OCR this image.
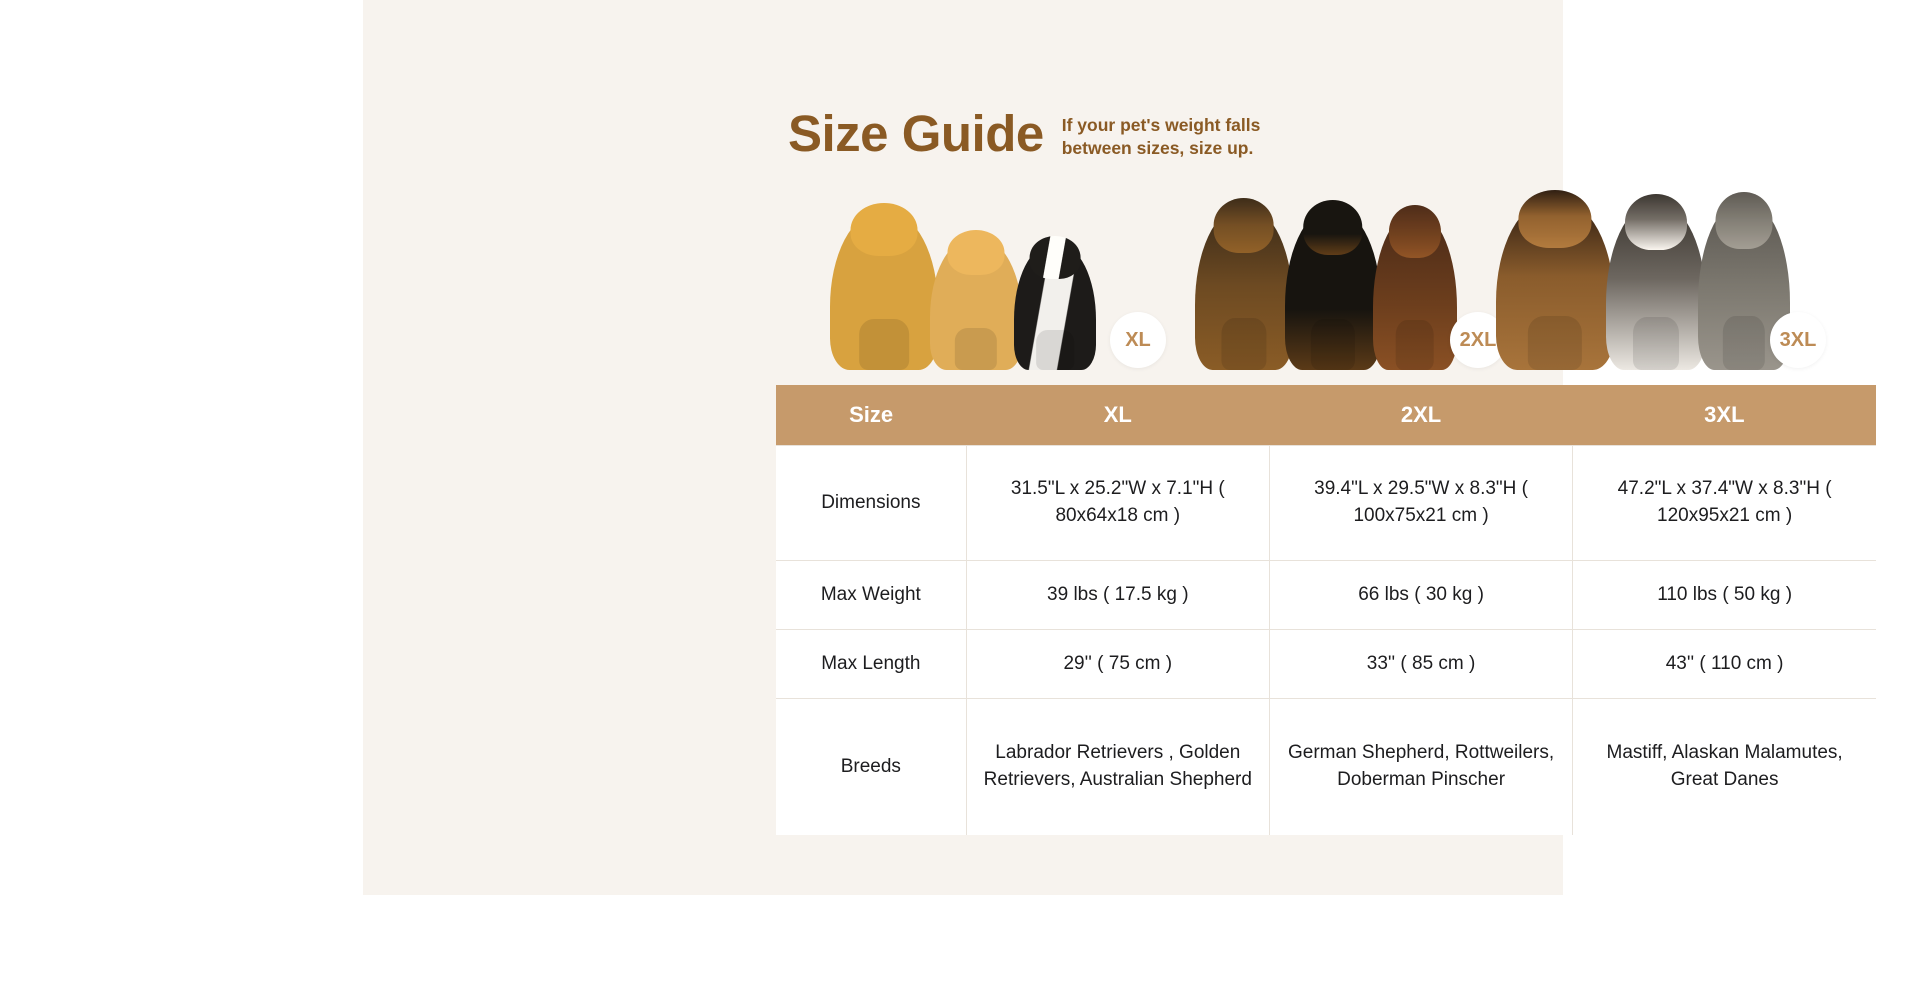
Size Guide If your pet's weight falls between sizes, size up.
XL	2XL	3XL
Size	XL	2XL	3XL
Dimensions	31.5"L x 25.2"W x 7.1"H ( 80x64x18 cm )	39.4"L x 29.5"W x 8.3"H ( 100x75x21 cm )	47.2"L x 37.4"W x 8.3"H ( 120x95x21 cm )
Max Weight	39 lbs ( 17.5 kg )	66 lbs ( 30 kg )	110 lbs ( 50 kg )
Max Length	29'' ( 75 cm )	33'' ( 85 cm )	43'' ( 110 cm )
Breeds	Labrador Retrievers , Golden Retrievers, Australian Shepherd	German Shepherd, Rottweilers, Doberman Pinscher	Mastiff, Alaskan Malamutes, Great Danes
